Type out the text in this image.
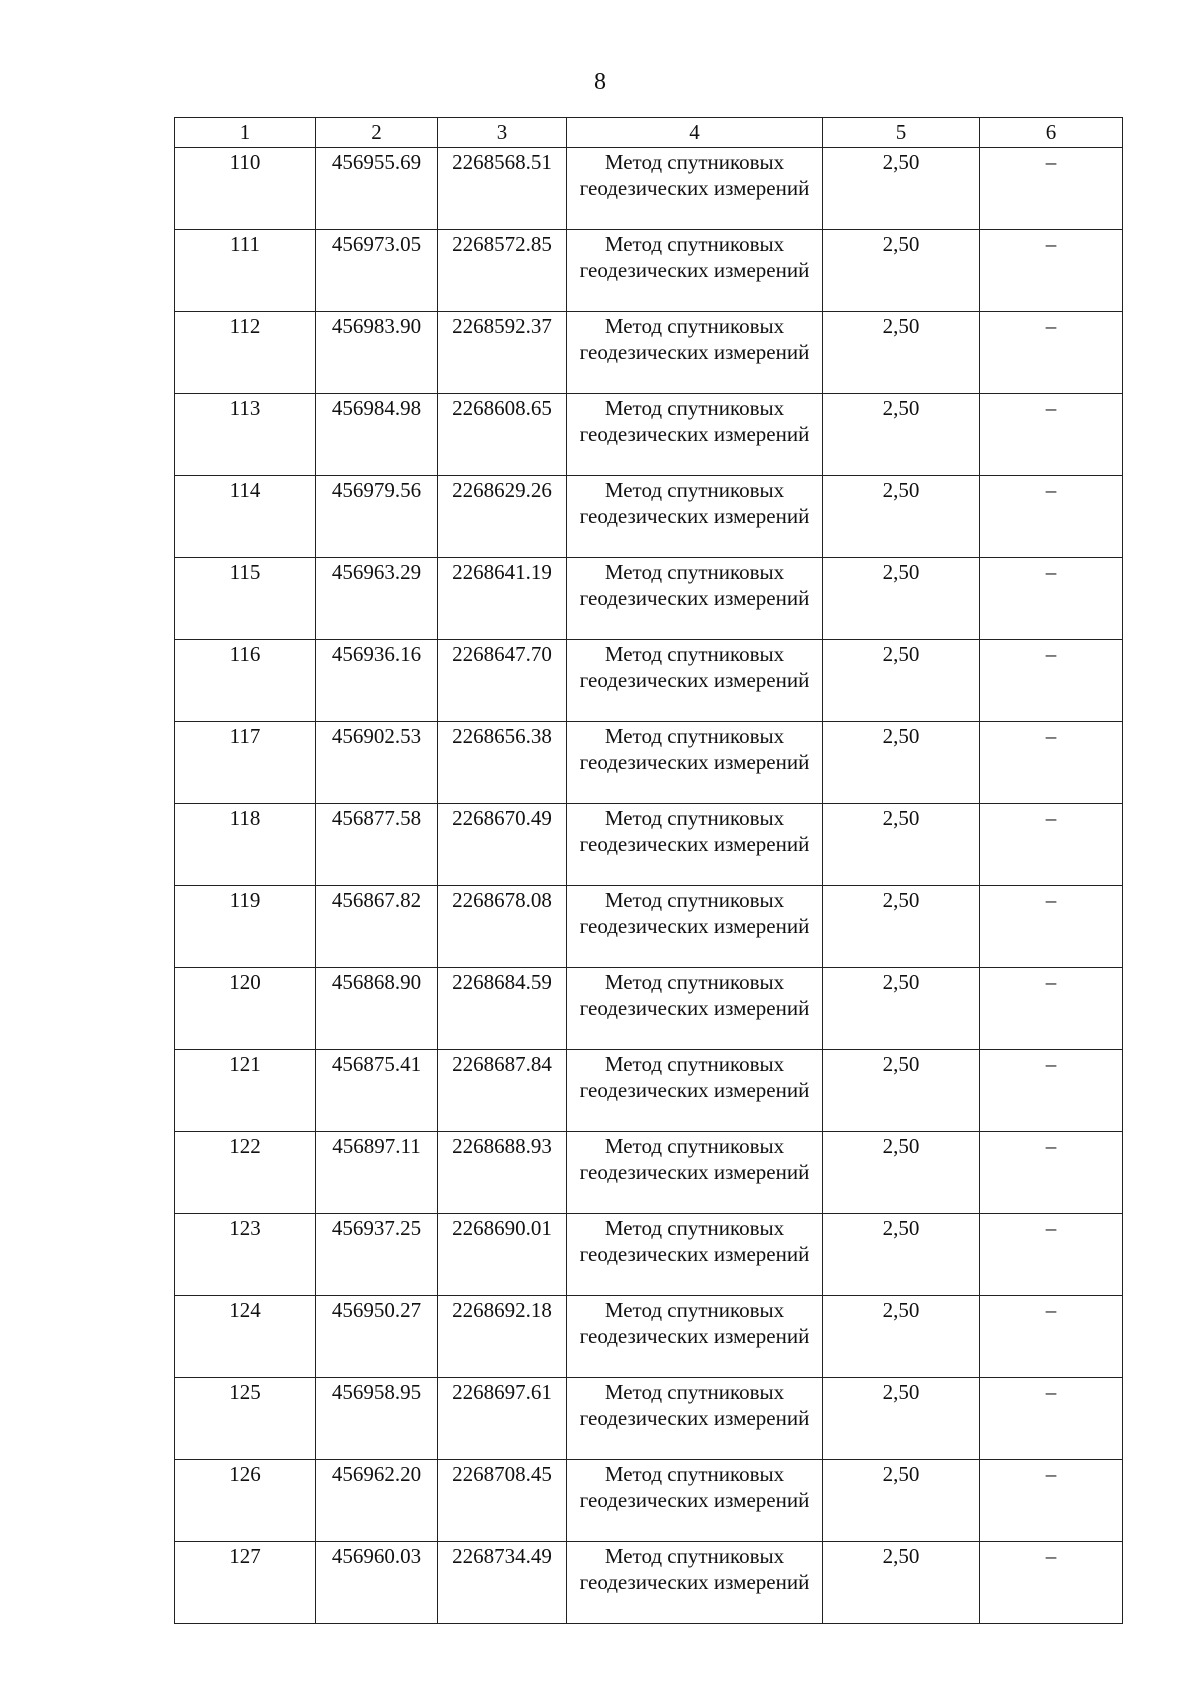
8
1	2	3	4	5	6
110	456955.69	2268568.51	Метод спутниковых геодезических измерений	2,50	–
111	456973.05	2268572.85	Метод спутниковых геодезических измерений	2,50	–
112	456983.90	2268592.37	Метод спутниковых геодезических измерений	2,50	–
113	456984.98	2268608.65	Метод спутниковых геодезических измерений	2,50	–
114	456979.56	2268629.26	Метод спутниковых геодезических измерений	2,50	–
115	456963.29	2268641.19	Метод спутниковых геодезических измерений	2,50	–
116	456936.16	2268647.70	Метод спутниковых геодезических измерений	2,50	–
117	456902.53	2268656.38	Метод спутниковых геодезических измерений	2,50	–
118	456877.58	2268670.49	Метод спутниковых геодезических измерений	2,50	–
119	456867.82	2268678.08	Метод спутниковых геодезических измерений	2,50	–
120	456868.90	2268684.59	Метод спутниковых геодезических измерений	2,50	–
121	456875.41	2268687.84	Метод спутниковых геодезических измерений	2,50	–
122	456897.11	2268688.93	Метод спутниковых геодезических измерений	2,50	–
123	456937.25	2268690.01	Метод спутниковых геодезических измерений	2,50	–
124	456950.27	2268692.18	Метод спутниковых геодезических измерений	2,50	–
125	456958.95	2268697.61	Метод спутниковых геодезических измерений	2,50	–
126	456962.20	2268708.45	Метод спутниковых геодезических измерений	2,50	–
127	456960.03	2268734.49	Метод спутниковых геодезических измерений	2,50	–
